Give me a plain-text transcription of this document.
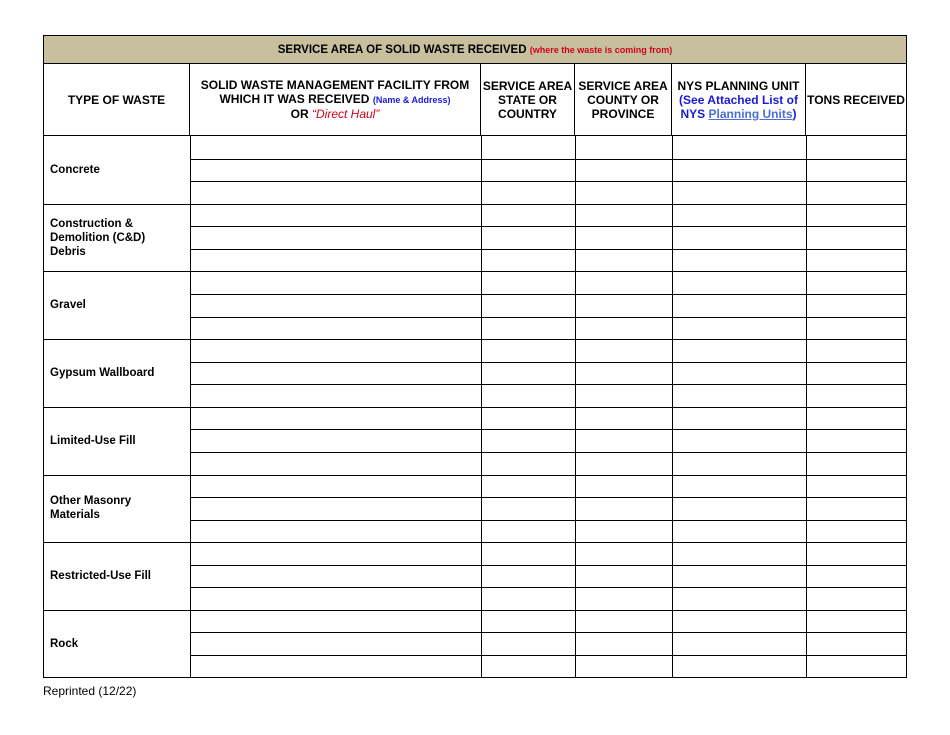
SERVICE AREA OF SOLID WASTE RECEIVED (where the waste is coming from)
TYPE OF WASTE
SOLID WASTE MANAGEMENT FACILITY FROM WHICH IT WAS RECEIVED (Name & Address)
OR “Direct Haul”
SERVICE AREA STATE OR COUNTRY
SERVICE AREA COUNTY OR PROVINCE
NYS PLANNING UNIT
(See Attached List of NYS Planning Units)
TONS RECEIVED
Concrete
Construction & Demolition (C&D) Debris
Gravel
Gypsum Wallboard
Limited-Use Fill
Other Masonry Materials
Restricted-Use Fill
Rock
Reprinted (12/22)
